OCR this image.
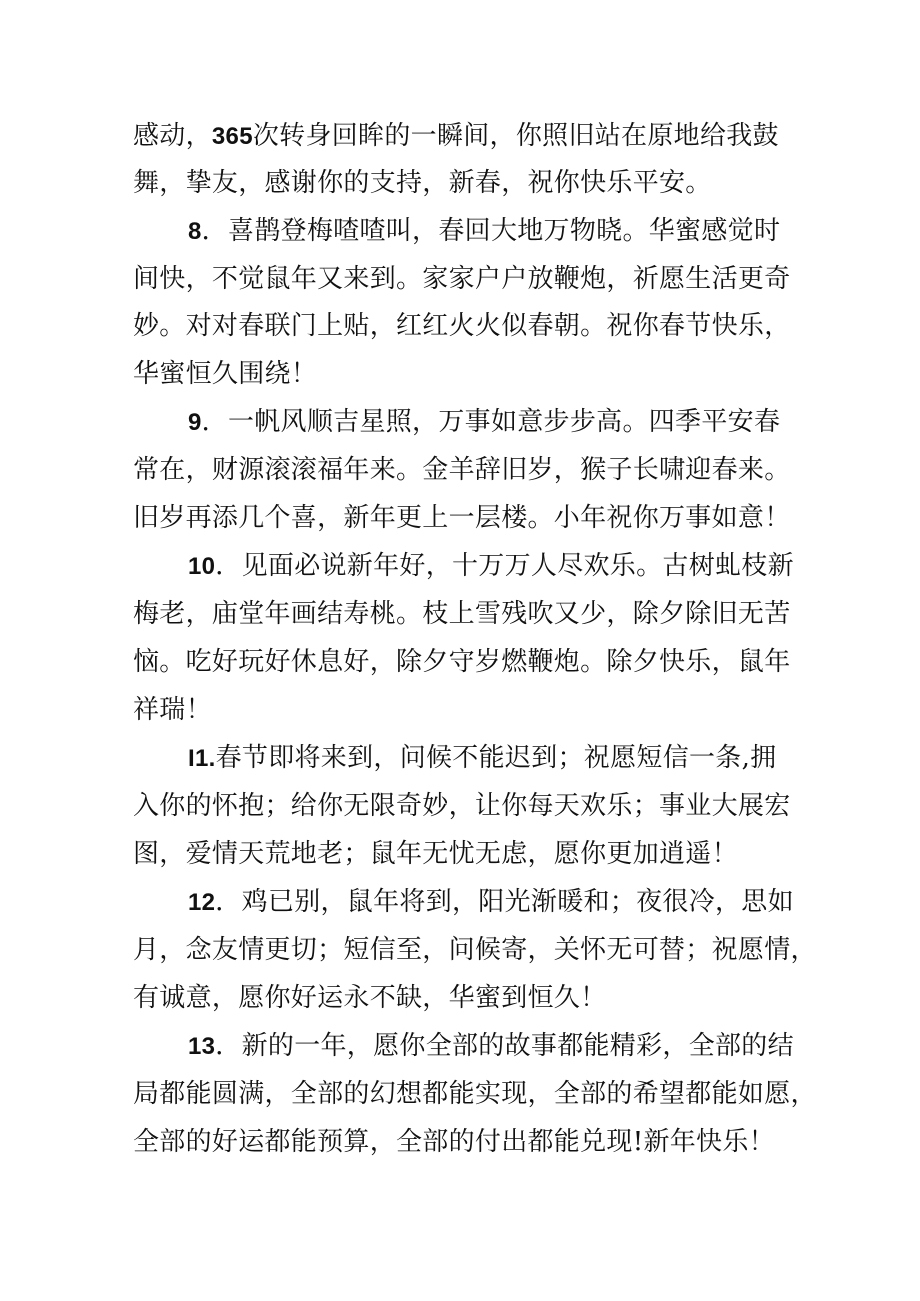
感动，365次转身回眸的一瞬间，你照旧站在原地给我鼓
舞，挚友，感谢你的支持，新春，祝你快乐平安。
8．喜鹊登梅喳喳叫，春回大地万物晓。华蜜感觉时
间快，不觉鼠年又来到。家家户户放鞭炮，祈愿生活更奇
妙。对对春联门上贴，红红火火似春朝。祝你春节快乐，
华蜜恒久围绕！
9．一帆风顺吉星照，万事如意步步高。四季平安春
常在，财源滚滚福年来。金羊辞旧岁，猴子长啸迎春来。
旧岁再添几个喜，新年更上一层楼。小年祝你万事如意！
10．见面必说新年好，十万万人尽欢乐。古树虬枝新
梅老，庙堂年画结寿桃。枝上雪残吹又少，除夕除旧无苦
恼。吃好玩好休息好，除夕守岁燃鞭炮。除夕快乐，鼠年
祥瑞！
I1.春节即将来到，问候不能迟到；祝愿短信一条,拥
入你的怀抱；给你无限奇妙，让你每天欢乐；事业大展宏
图，爱情天荒地老；鼠年无忧无虑，愿你更加逍遥！
12．鸡已别，鼠年将到，阳光渐暖和；夜很冷，思如
月，念友情更切；短信至，问候寄，关怀无可替；祝愿情，
有诚意，愿你好运永不缺，华蜜到恒久！
13．新的一年，愿你全部的故事都能精彩，全部的结
局都能圆满，全部的幻想都能实现，全部的希望都能如愿，
全部的好运都能预算，全部的付出都能兑现!新年快乐！
